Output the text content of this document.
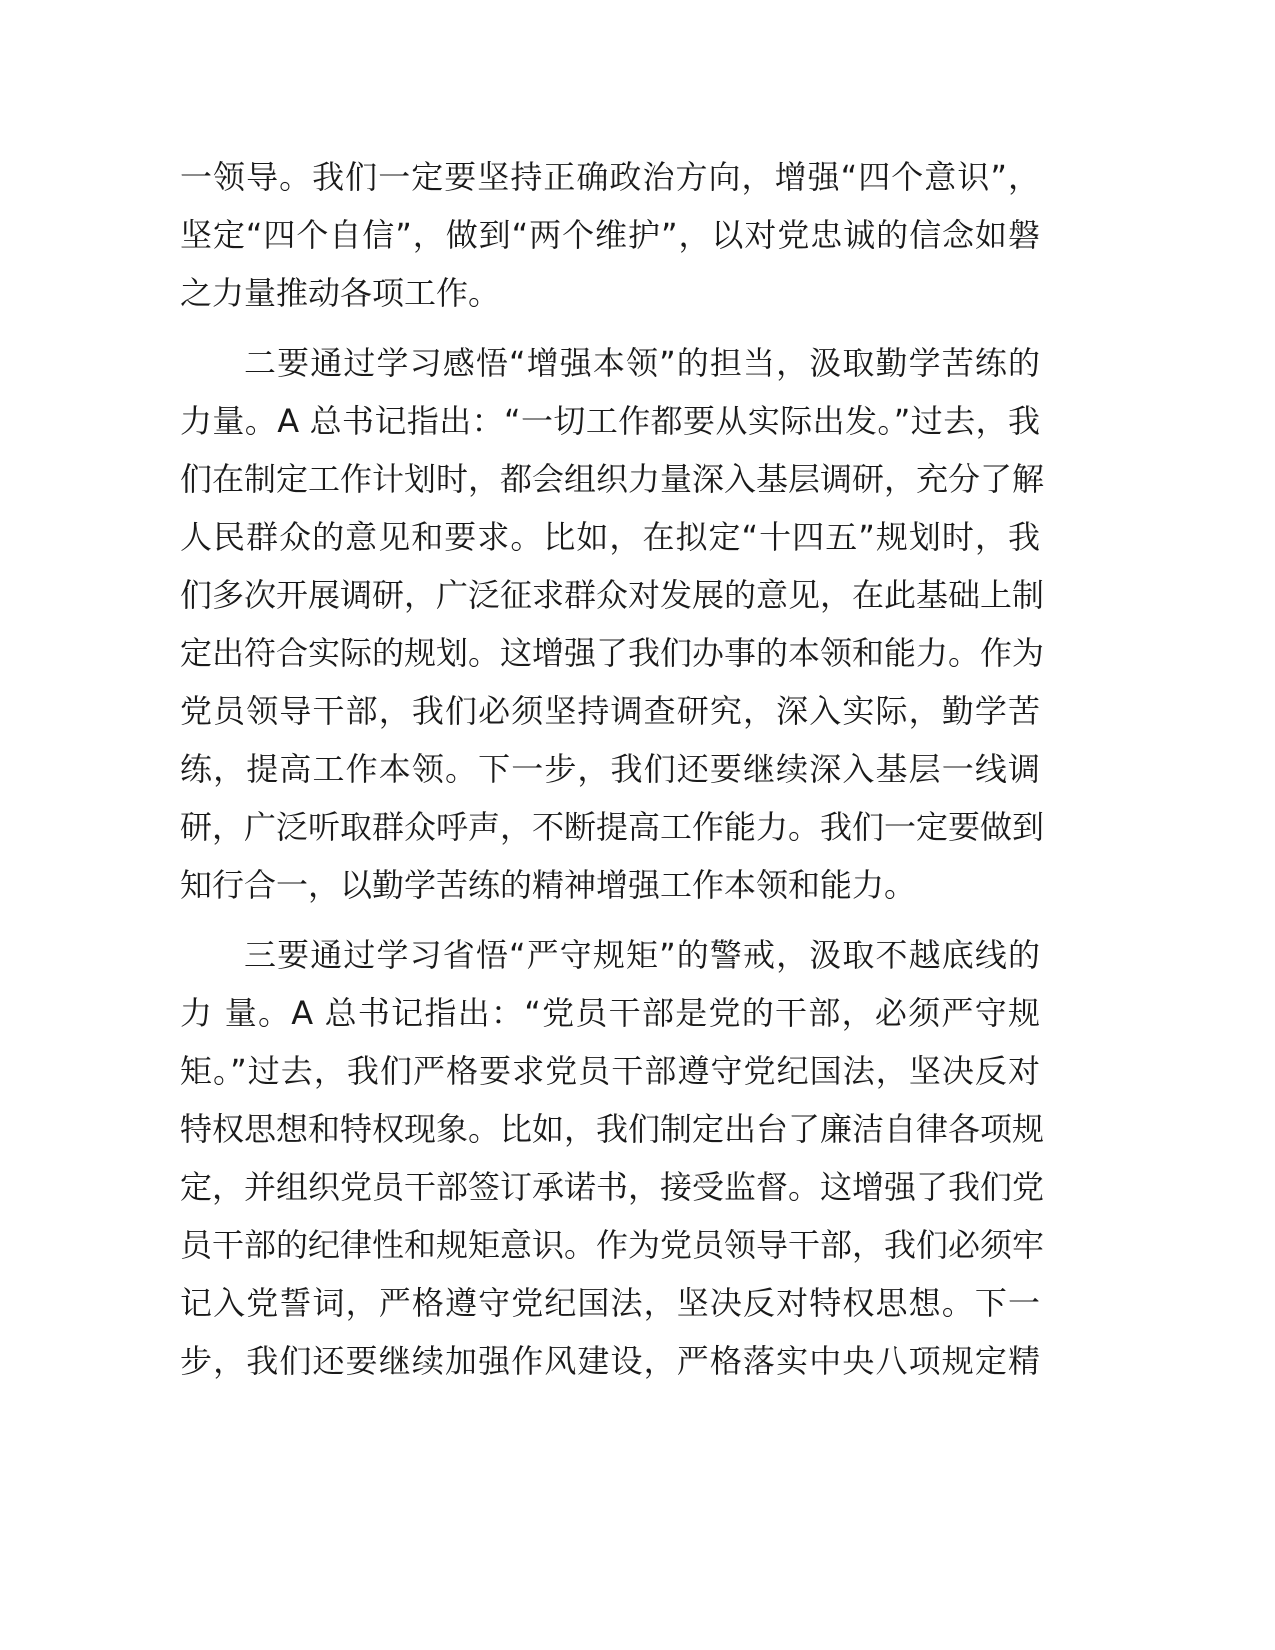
一领导。我们一定要坚持正确政治方向，增强“四个意识”，
坚定“四个自信”，做到“两个维护”，以对党忠诚的信念如磐
之力量推动各项工作。
二要通过学习感悟“增强本领”的担当，汲取勤学苦练的
力量。A 总书记指出：“一切工作都要从实际出发。”过去，我
们在制定工作计划时，都会组织力量深入基层调研，充分了解
人民群众的意见和要求。比如，在拟定“十四五”规划时，我
们多次开展调研，广泛征求群众对发展的意见，在此基础上制
定出符合实际的规划。这增强了我们办事的本领和能力。作为
党员领导干部，我们必须坚持调查研究，深入实际，勤学苦
练，提高工作本领。下一步，我们还要继续深入基层一线调
研，广泛听取群众呼声，不断提高工作能力。我们一定要做到
知行合一，以勤学苦练的精神增强工作本领和能力。
三要通过学习省悟“严守规矩”的警戒，汲取不越底线的
力 量。A 总书记指出：“党员干部是党的干部，必须严守规
矩。”过去，我们严格要求党员干部遵守党纪国法，坚决反对
特权思想和特权现象。比如，我们制定出台了廉洁自律各项规
定，并组织党员干部签订承诺书，接受监督。这增强了我们党
员干部的纪律性和规矩意识。作为党员领导干部，我们必须牢
记入党誓词，严格遵守党纪国法，坚决反对特权思想。下一
步，我们还要继续加强作风建设，严格落实中央八项规定精
